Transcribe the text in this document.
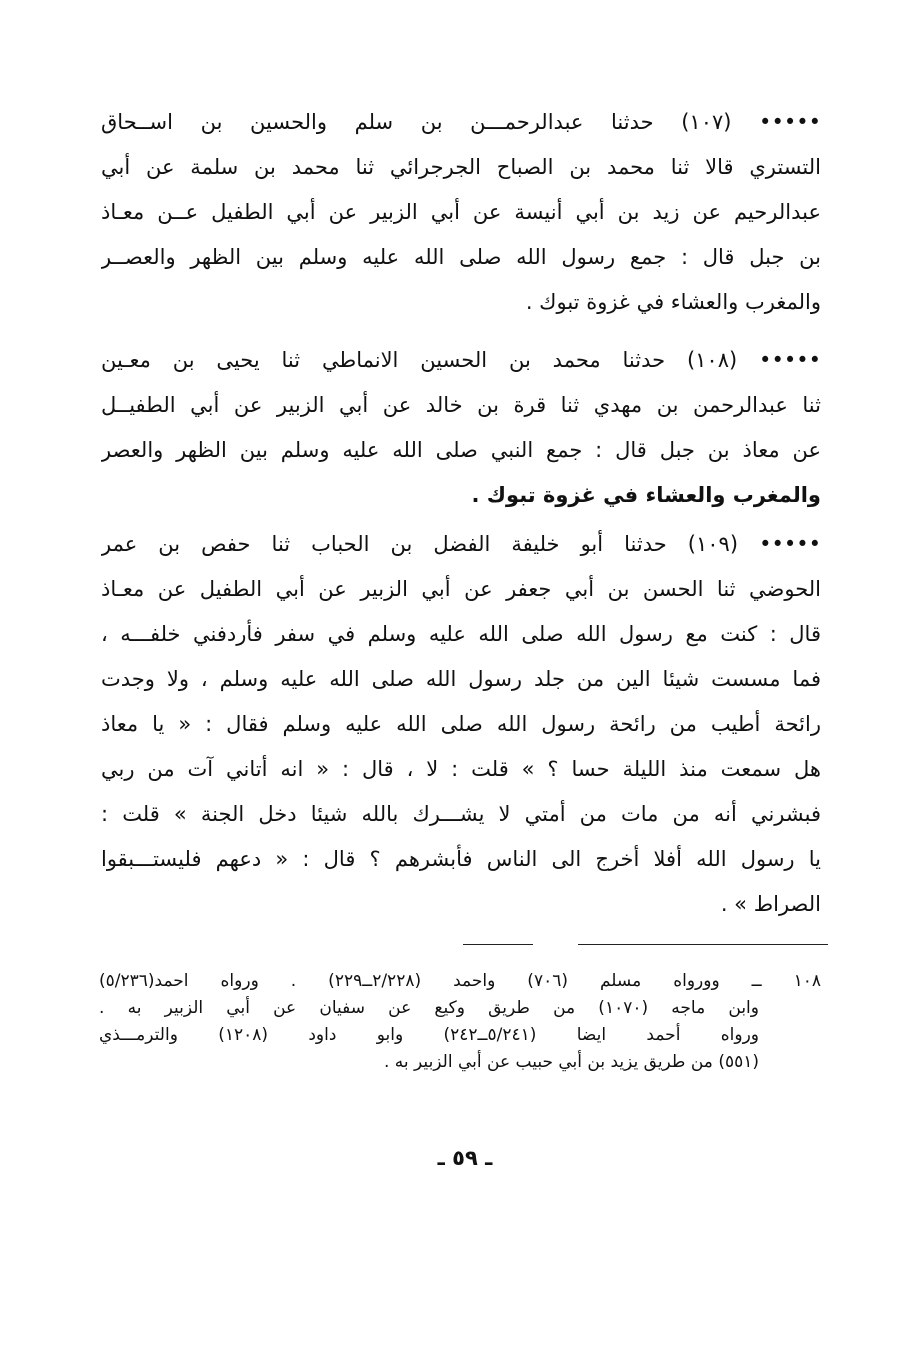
••••• (١٠٧) حدثنا عبدالرحمـــن بن سلم والحسين بن اســحاق
التستري قالا ثنا محمد بن الصباح الجرجرائي ثنا محمد بن سلمة عن أبي
عبدالرحيم عن زيد بن أبي أنيسة عن أبي الزبير عن أبي الطفيل عــن معـاذ
بن جبل قال : جمع رسول الله صلى الله عليه وسلم بين الظهر والعصــر
والمغرب والعشاء في غزوة تبوك .
••••• (١٠٨) حدثنا محمد بن الحسين الانماطي ثنا يحيى بن معـين
ثنا عبدالرحمن بن مهدي ثنا قرة بن خالد عن أبي الزبير عن أبي الطفيــل
عن معاذ بن جبل قال : جمع النبي صلى الله عليه وسلم بين الظهر والعصر
والمغرب والعشاء في غزوة تبوك .
••••• (١٠٩) حدثنا أبو خليفة الفضل بن الحباب ثنا حفص بن عمر
الحوضي ثنا الحسن بن أبي جعفر عن أبي الزبير عن أبي الطفيل عن معـاذ
قال : كنت مع رسول الله صلى الله عليه وسلم في سفر فأردفني خلفـــه ،
فما مسست شيئا الين من جلد رسول الله صلى الله عليه وسلم ، ولا وجدت
رائحة أطيب من رائحة رسول الله صلى الله عليه وسلم فقال : « يا معاذ
هل سمعت منذ الليلة حسا ؟ » قلت : لا ، قال : « انه أتاني آت من ربي
فبشرني أنه من مات من أمتي لا يشـــرك بالله شيئا دخل الجنة » قلت :
يا رسول الله أفلا أخرج الى الناس فأبشرهم ؟ قال : « دعهم فليستـــبقوا
الصراط » .
١٠٨ ــ وورواه مسلم (٧٠٦) واحمد (٢/٢٢٨ــ٢٢٩) . ورواه احمد(٥/٢٣٦)
وابن ماجه (١٠٧٠) من طريق وكيع عن سفيان عن أبي الزبير به .
ورواه أحمد ايضا (٥/٢٤١ــ٢٤٢) وابو داود (١٢٠٨) والترمـــذي
(٥٥١) من طريق يزيد بن أبي حبيب عن أبي الزبير به .
ـ ٥٩ ـ
